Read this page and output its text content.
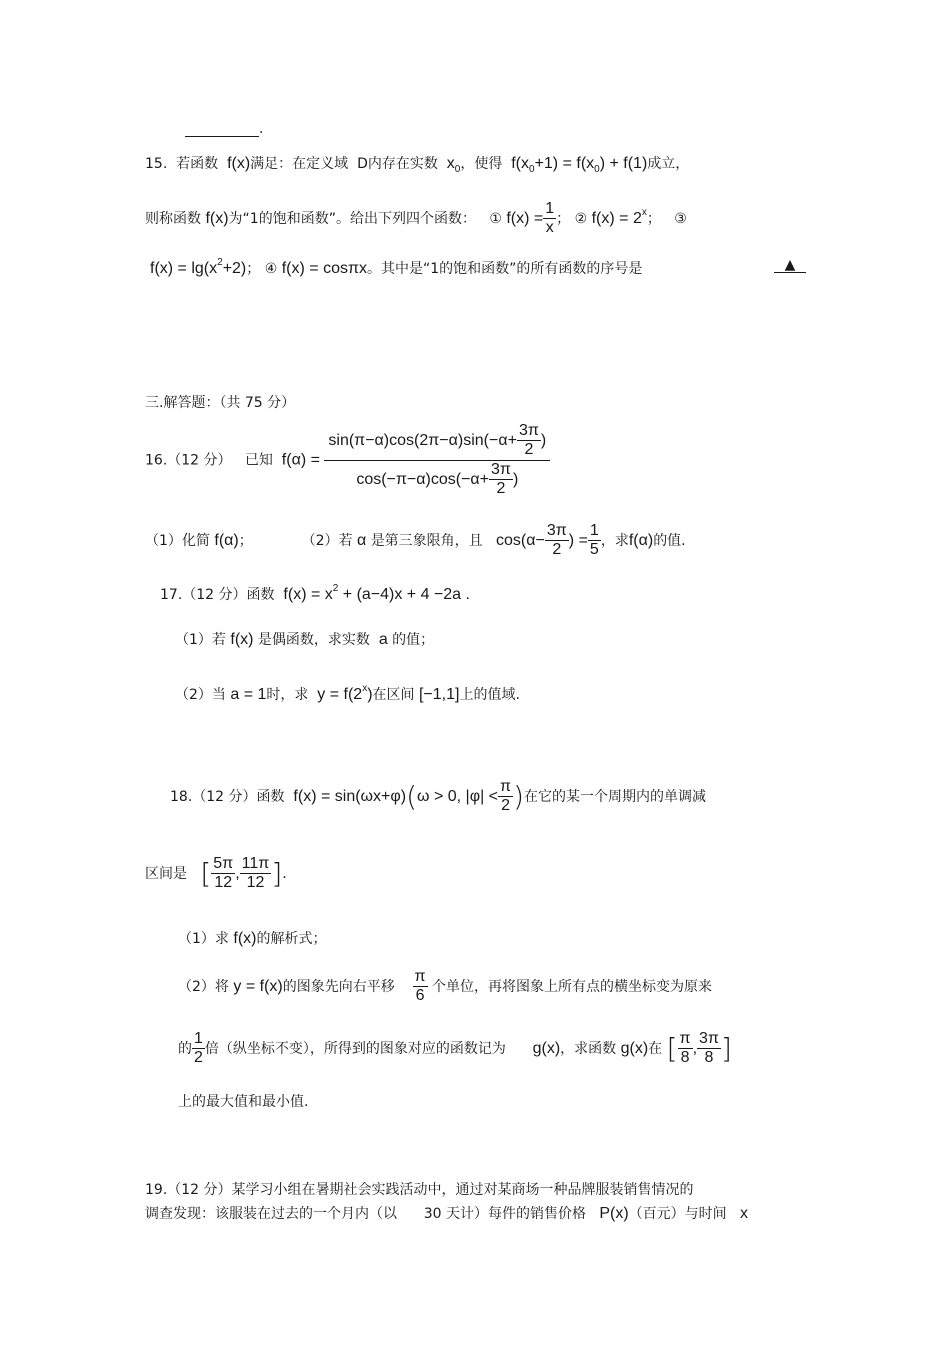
.
15. 若函数  f(x)满足：在定义域 D内存在实数  $x_0$，使得  $f(x_0+1) = f(x_0) + f(1)$成立，
则称函数 f(x)为“1的饱和函数”。给出下列四个函数： ① $f(x) = \frac{1}{x}$ ； ② $f(x) = 2^x$；   ③
$f(x) = \lg(x^2+2)$； ④ f(x) = cosπx。其中是“1的饱和函数”的所有函数的序号是	▲
三.解答题：（共 75 分）
16.（12 分） 已知  $f(\alpha) = \frac{\sin(\pi-\alpha)\cos(2\pi-\alpha)\sin(-\alpha+ \frac{3\pi}{2} )}{\cos(-\pi-\alpha)\cos(-\alpha+ \frac{3\pi}{2} )}$
（1）化简 f(α)；	（2）若 α 是第三象限角，且   $\cos(\alpha- \frac{3\pi}{2}$ ) = $\frac{1}{5}$ ，求f(α)的值.
17.（12 分）函数  $f(x) = x^2 + (a-4)x + 4 -2a$ .
（1）若 f(x) 是偶函数，求实数  a 的值；
（2）当 a = 1时，求  $y = f(2^x)$在区间 [−1,1]上的值域.
18.（12 分）函数  f(x) = sin(ωx+φ)(ω > 0, $|\varphi| < \frac{\pi}{2}$ )在它的某一个周期内的单调减
区间是  [ $\frac{5\pi}{12}$ , $\frac{11\pi}{12}$ ].
（1）求 f(x)的解析式；
（2）将 y = f(x)的图象先向右平移 $\frac{\pi}{6}$ 个单位，再将图象上所有点的横坐标变为原来
的 $\frac{1}{2}$ 倍（纵坐标不变），所得到的图象对应的函数记为      g(x)，求函数 g(x)在 [ $\frac{\pi}{8}$ , $\frac{3\pi}{8}$ ]
上的最大值和最小值.
19.（12 分）某学习小组在暑期社会实践活动中，通过对某商场一种品牌服装销售情况的
调查发现：该服装在过去的一个月内（以 30 天计）每件的销售价格 P(x)（百元）与时间 x
